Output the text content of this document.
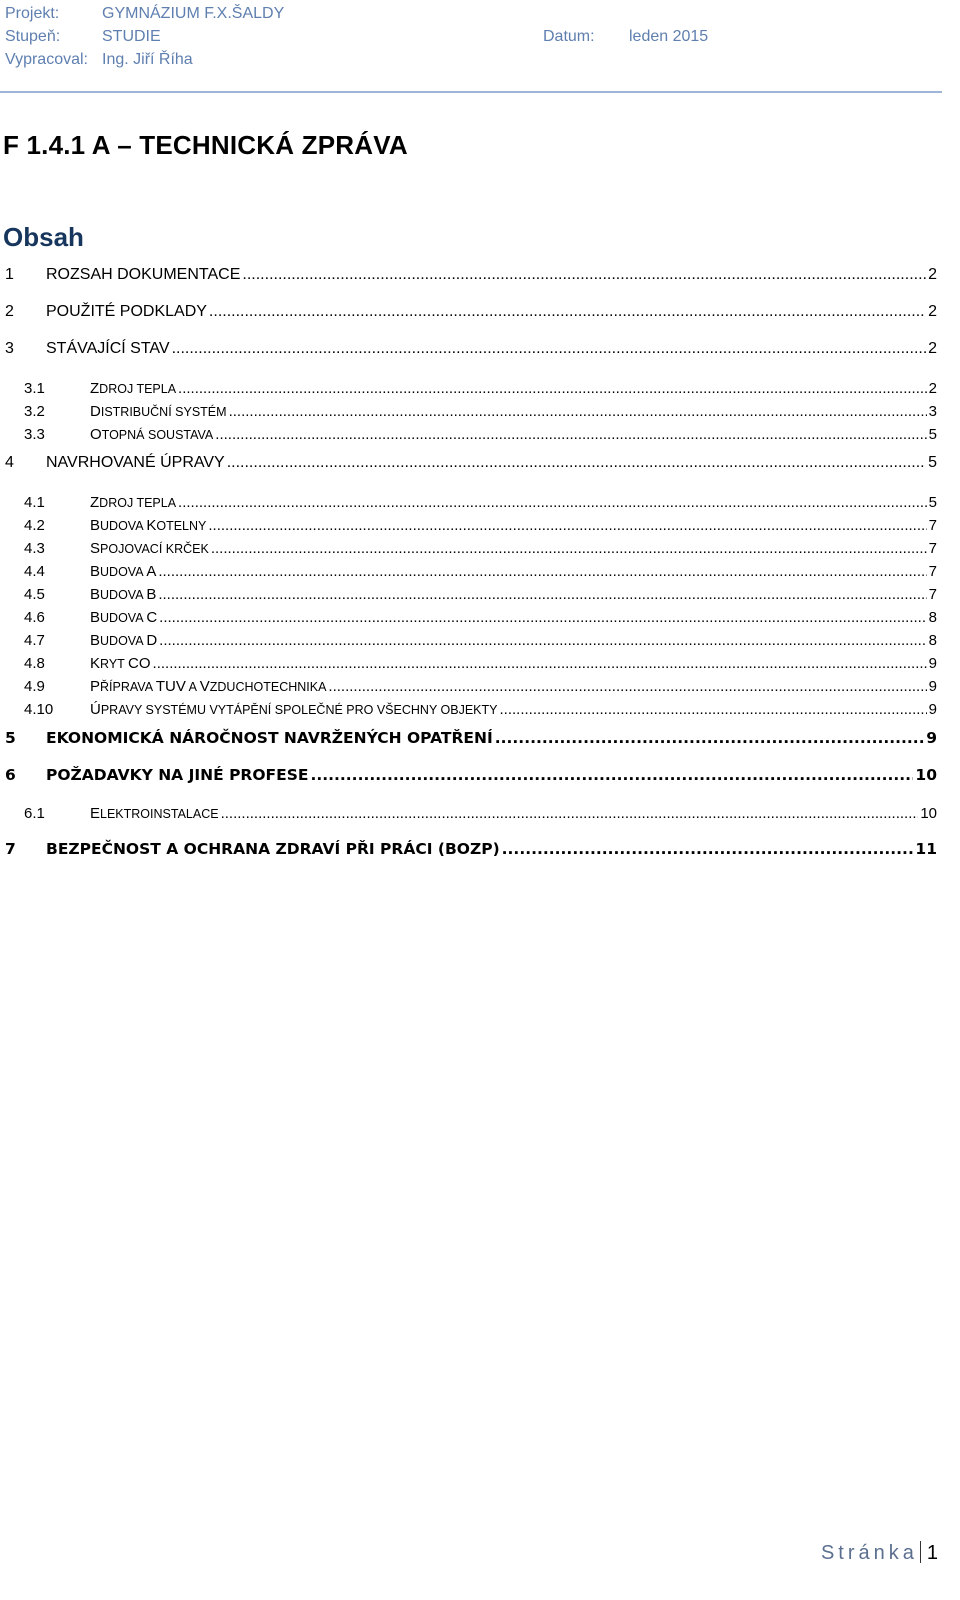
Projekt:	GYMNÁZIUM F.X.ŠALDY
Stupeň:	STUDIE	Datum: leden 2015
Vypracoval: Ing. Jiří Říha
F 1.4.1 A – TECHNICKÁ ZPRÁVA
Obsah
1 ROZSAH DOKUMENTACE .....	2
2 POUŽITÉ PODKLADY .....	2
3 STÁVAJÍCÍ STAV .....	2
3.1	ZDROJ TEPLA .....	2
3.2	DISTRIBUČNÍ SYSTÉM .....	3
3.3	OTOPNÁ SOUSTAVA .....	5
4 NAVRHOVANÉ ÚPRAVY .....	5
4.1	ZDROJ TEPLA .....	5
4.2	BUDOVA KOTELNY .....	7
4.3	SPOJOVACÍ KRČEK .....	7
4.4	BUDOVA A .....	7
4.5	BUDOVA B .....	7
4.6	BUDOVA C .....	8
4.7	BUDOVA D .....	8
4.8	KRYT CO .....	9
4.9	PŘÍPRAVA TUV A VZDUCHOTECHNIKA .....	9
4.10 ÚPRAVY SYSTÉMU VYTÁPĚNÍ SPOLEČNÉ PRO VŠECHNY OBJEKTY .....	9
5 EKONOMICKÁ NÁROČNOST NAVRŽENÝCH OPATŘENÍ .....	9
6 POŽADAVKY NA JINÉ PROFESE .....	10
6.1	ELEKTROINSTALACE .....	10
7 BEZPEČNOST A OCHRANA ZDRAVÍ PŘI PRÁCI (BOZP) .....	11
Stránka 1
